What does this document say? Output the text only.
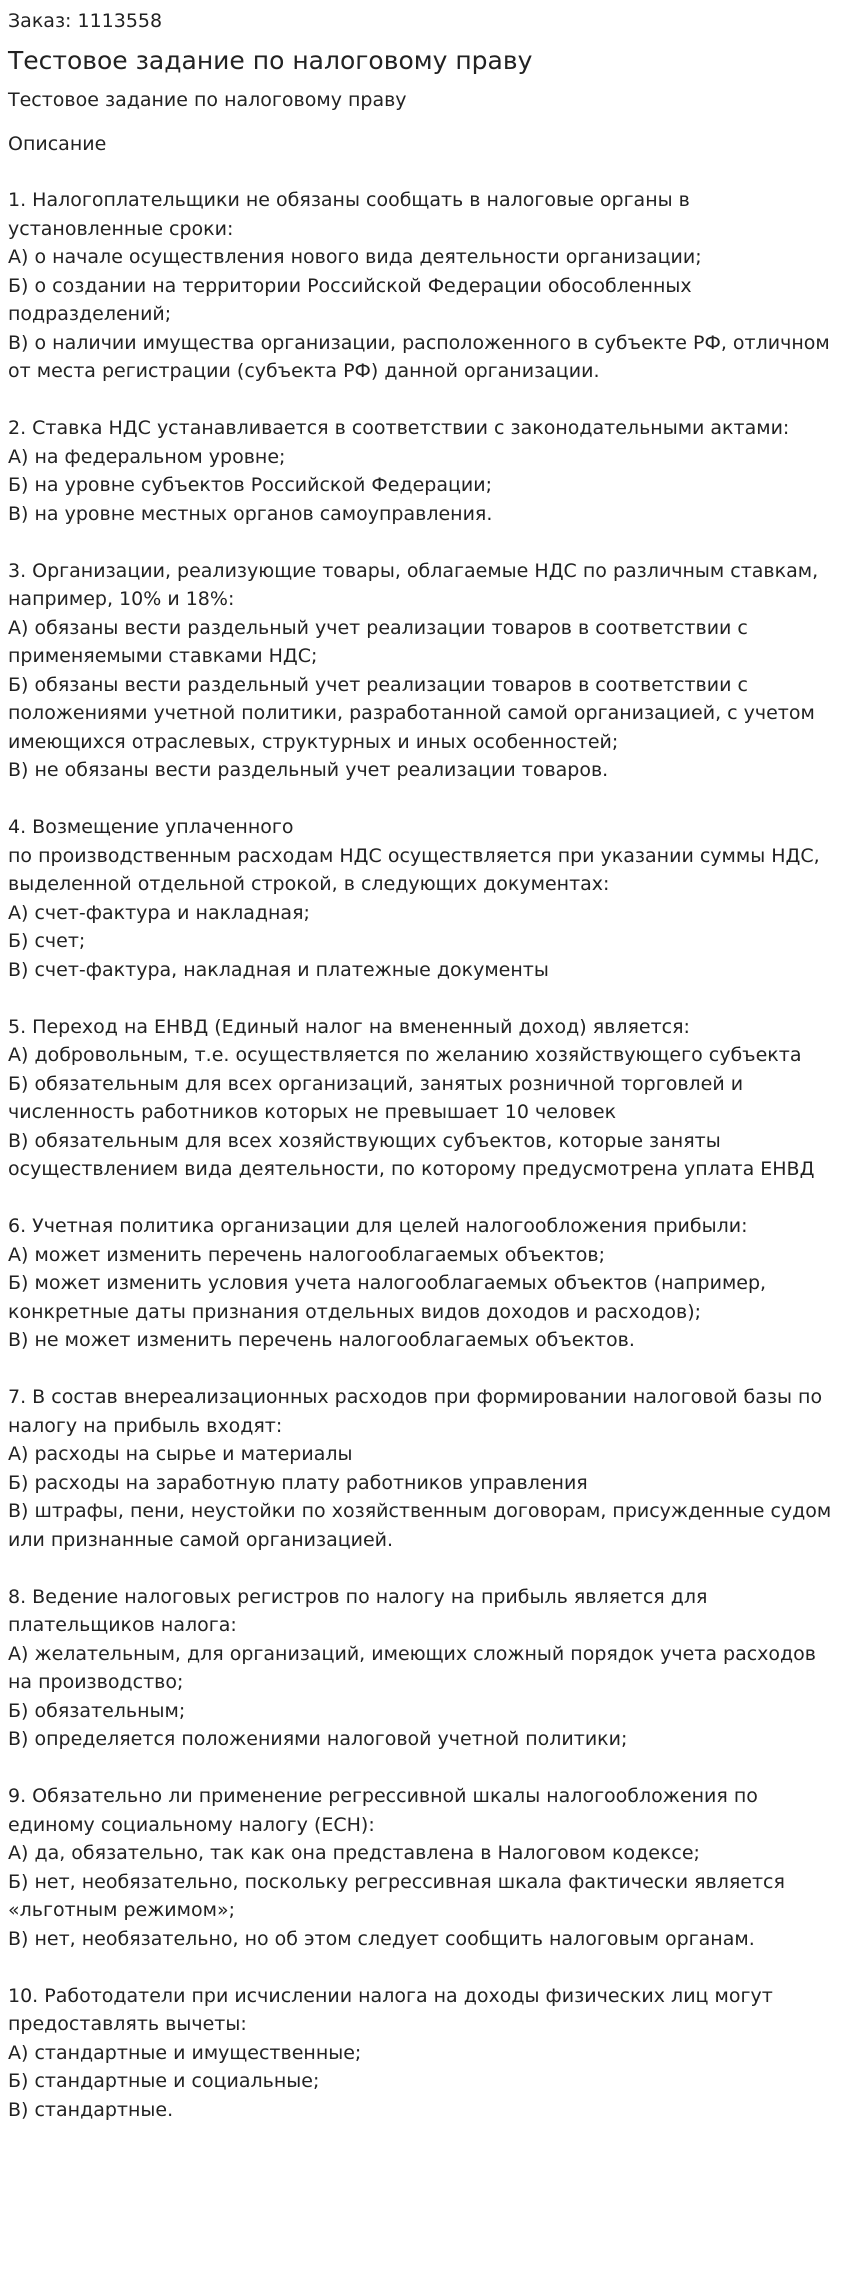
Заказ: 1113558
Тестовое задание по налоговому праву
Тестовое задание по налоговому праву
Описание
1. Налогоплательщики не обязаны сообщать в налоговые органы в
установленные сроки:
А) о начале осуществления нового вида деятельности организации;
Б) о создании на территории Российской Федерации обособленных
подразделений;
В) о наличии имущества организации, расположенного в субъекте РФ, отличном
от места регистрации (субъекта РФ) данной организации.
2. Ставка НДС устанавливается в соответствии с законодательными актами:
А) на федеральном уровне;
Б) на уровне субъектов Российской Федерации;
В) на уровне местных органов самоуправления.
3. Организации, реализующие товары, облагаемые НДС по различным ставкам,
например, 10% и 18%:
А) обязаны вести раздельный учет реализации товаров в соответствии с
применяемыми ставками НДС;
Б) обязаны вести раздельный учет реализации товаров в соответствии с
положениями учетной политики, разработанной самой организацией, с учетом
имеющихся отраслевых, структурных и иных особенностей;
В) не обязаны вести раздельный учет реализации товаров.
4. Возмещение уплаченного
по производственным расходам НДС осуществляется при указании суммы НДС,
выделенной отдельной строкой, в следующих документах:
А) счет-фактура и накладная;
Б) счет;
В) счет-фактура, накладная и платежные документы
5. Переход на ЕНВД (Единый налог на вмененный доход) является:
А) добровольным, т.е. осуществляется по желанию хозяйствующего субъекта
Б) обязательным для всех организаций, занятых розничной торговлей и
численность работников которых не превышает 10 человек
В) обязательным для всех хозяйствующих субъектов, которые заняты
осуществлением вида деятельности, по которому предусмотрена уплата ЕНВД
6. Учетная политика организации для целей налогообложения прибыли:
А) может изменить перечень налогооблагаемых объектов;
Б) может изменить условия учета налогооблагаемых объектов (например,
конкретные даты признания отдельных видов доходов и расходов);
В) не может изменить перечень налогооблагаемых объектов.
7. В состав внереализационных расходов при формировании налоговой базы по
налогу на прибыль входят:
А) расходы на сырье и материалы
Б) расходы на заработную плату работников управления
В) штрафы, пени, неустойки по хозяйственным договорам, присужденные судом
или признанные самой организацией.
8. Ведение налоговых регистров по налогу на прибыль является для
плательщиков налога:
А) желательным, для организаций, имеющих сложный порядок учета расходов
на производство;
Б) обязательным;
В) определяется положениями налоговой учетной политики;
9. Обязательно ли применение регрессивной шкалы налогообложения по
единому социальному налогу (ЕСН):
А) да, обязательно, так как она представлена в Налоговом кодексе;
Б) нет, необязательно, поскольку регрессивная шкала фактически является
«льготным режимом»;
В) нет, необязательно, но об этом следует сообщить налоговым органам.
10. Работодатели при исчислении налога на доходы физических лиц могут
предоставлять вычеты:
А) стандартные и имущественные;
Б) стандартные и социальные;
В) стандартные.
